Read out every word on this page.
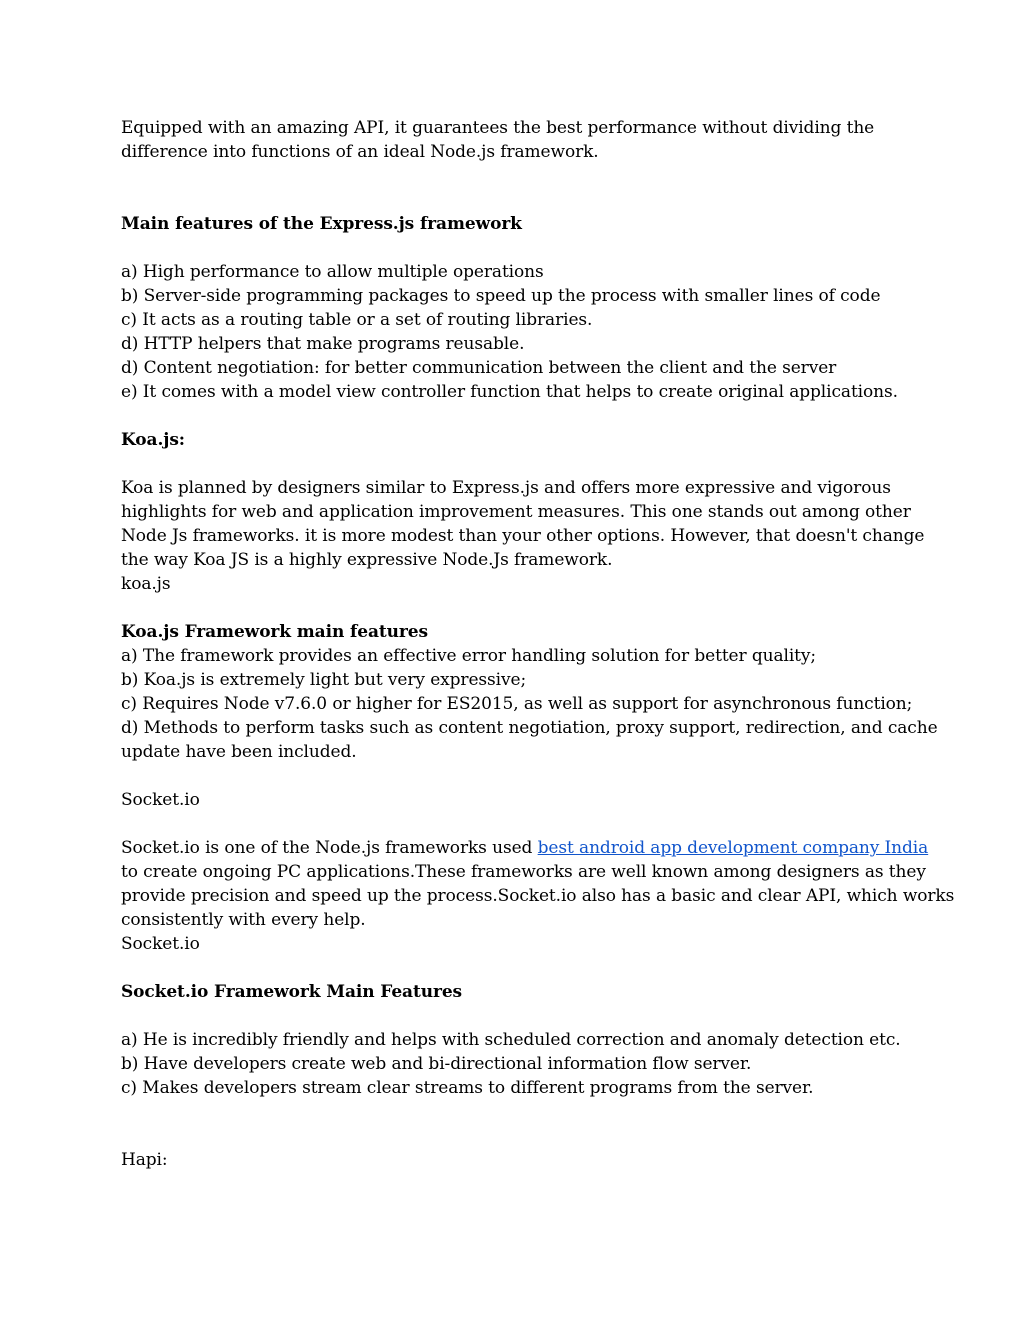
Equipped with an amazing API, it guarantees the best performance without dividing the
difference into functions of an ideal Node.js framework.
Main features of the Express.js framework
a) High performance to allow multiple operations
b) Server-side programming packages to speed up the process with smaller lines of code
c) It acts as a routing table or a set of routing libraries.
d) HTTP helpers that make programs reusable.
d) Content negotiation: for better communication between the client and the server
e) It comes with a model view controller function that helps to create original applications.
Koa.js:
Koa is planned by designers similar to Express.js and offers more expressive and vigorous
highlights for web and application improvement measures. This one stands out among other
Node Js frameworks. it is more modest than your other options. However, that doesn't change
the way Koa JS is a highly expressive Node.Js framework.
koa.js
Koa.js Framework main features
a) The framework provides an effective error handling solution for better quality;
b) Koa.js is extremely light but very expressive;
c) Requires Node v7.6.0 or higher for ES2015, as well as support for asynchronous function;
d) Methods to perform tasks such as content negotiation, proxy support, redirection, and cache
update have been included.
Socket.io
Socket.io is one of the Node.js frameworks used best android app development company India
to create ongoing PC applications.These frameworks are well known among designers as they
provide precision and speed up the process.Socket.io also has a basic and clear API, which works
consistently with every help.
Socket.io
Socket.io Framework Main Features
a) He is incredibly friendly and helps with scheduled correction and anomaly detection etc.
b) Have developers create web and bi-directional information flow server.
c) Makes developers stream clear streams to different programs from the server.
Hapi:
